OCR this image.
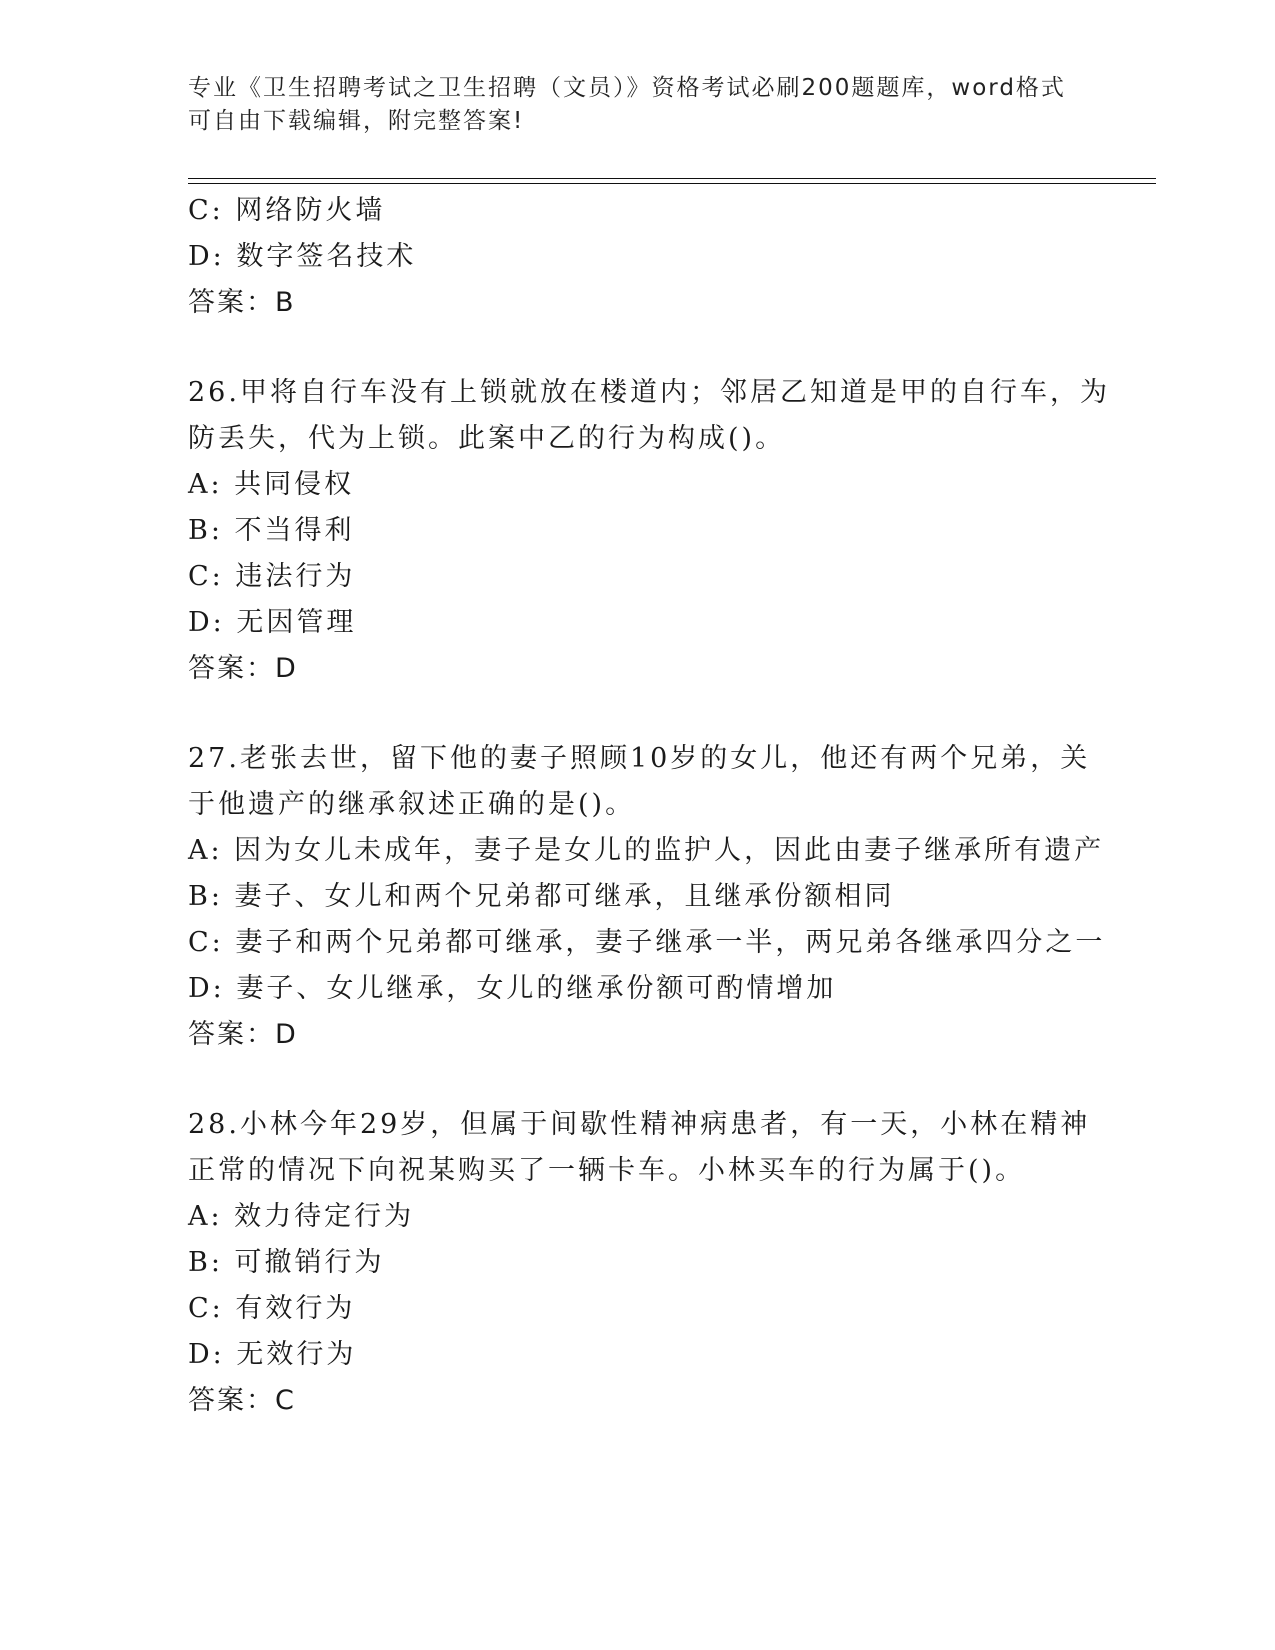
专业《卫生招聘考试之卫生招聘（文员）》资格考试必刷200题题库，word格式
可自由下载编辑，附完整答案!
C: 网络防火墙
D: 数字签名技术
答案：B
26.甲将自行车没有上锁就放在楼道内；邻居乙知道是甲的自行车，为
防丢失，代为上锁。此案中乙的行为构成()。
A: 共同侵权
B: 不当得利
C: 违法行为
D: 无因管理
答案：D
27.老张去世，留下他的妻子照顾10岁的女儿，他还有两个兄弟，关
于他遗产的继承叙述正确的是()。
A: 因为女儿未成年，妻子是女儿的监护人，因此由妻子继承所有遗产
B: 妻子、女儿和两个兄弟都可继承，且继承份额相同
C: 妻子和两个兄弟都可继承，妻子继承一半，两兄弟各继承四分之一
D: 妻子、女儿继承，女儿的继承份额可酌情增加
答案：D
28.小林今年29岁，但属于间歇性精神病患者，有一天，小林在精神
正常的情况下向祝某购买了一辆卡车。小林买车的行为属于()。
A: 效力待定行为
B: 可撤销行为
C: 有效行为
D: 无效行为
答案：C
